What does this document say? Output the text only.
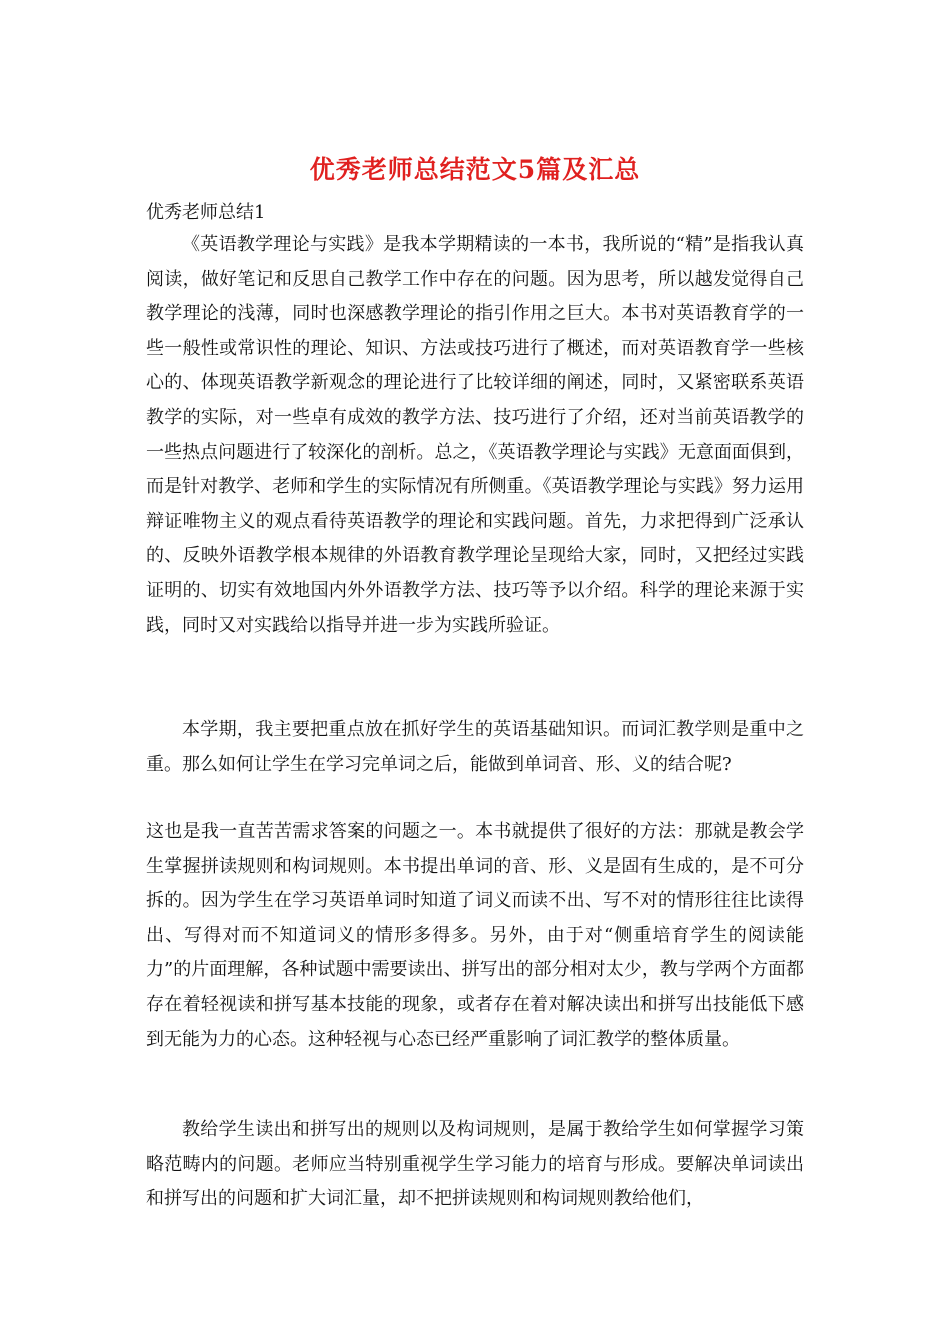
优秀老师总结范文5篇及汇总
优秀老师总结1

《英语教学理论与实践》是我本学期精读的一本书，我所说的“精”是指我认真阅读，做好笔记和反思自己教学工作中存在的问题。因为思考，所以越发觉得自己教学理论的浅薄，同时也深感教学理论的指引作用之巨大。本书对英语教育学的一些一般性或常识性的理论、知识、方法或技巧进行了概述，而对英语教育学一些核心的、体现英语教学新观念的理论进行了比较详细的阐述，同时，又紧密联系英语教学的实际，对一些卓有成效的教学方法、技巧进行了介绍，还对当前英语教学的一些热点问题进行了较深化的剖析。总之，《英语教学理论与实践》无意面面俱到，而是针对教学、老师和学生的实际情况有所侧重。《英语教学理论与实践》努力运用辩证唯物主义的观点看待英语教学的理论和实践问题。首先，力求把得到广泛承认的、反映外语教学根本规律的外语教育教学理论呈现给大家，同时，又把经过实践证明的、切实有效地国内外外语教学方法、技巧等予以介绍。科学的理论来源于实践，同时又对实践给以指导并进一步为实践所验证。

本学期，我主要把重点放在抓好学生的英语基础知识。而词汇教学则是重中之重。那么如何让学生在学习完单词之后，能做到单词音、形、义的结合呢?

这也是我一直苦苦需求答案的问题之一。本书就提供了很好的方法：那就是教会学生掌握拼读规则和构词规则。本书提出单词的音、形、义是固有生成的，是不可分拆的。因为学生在学习英语单词时知道了词义而读不出、写不对的情形往往比读得出、写得对而不知道词义的情形多得多。另外，由于对“侧重培育学生的阅读能力”的片面理解，各种试题中需要读出、拼写出的部分相对太少，教与学两个方面都存在着轻视读和拼写基本技能的现象，或者存在着对解决读出和拼写出技能低下感到无能为力的心态。这种轻视与心态已经严重影响了词汇教学的整体质量。

教给学生读出和拼写出的规则以及构词规则，是属于教给学生如何掌握学习策略范畴内的问题。老师应当特别重视学生学习能力的培育与形成。要解决单词读出和拼写出的问题和扩大词汇量，却不把拼读规则和构词规则教给他们，
